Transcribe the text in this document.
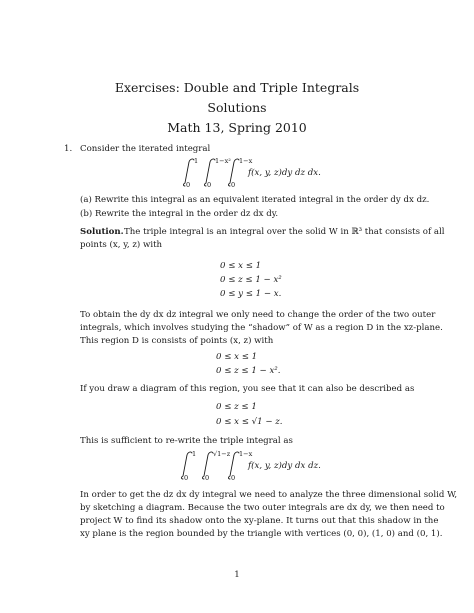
Exercises: Double and Triple Integrals
Solutions
Math 13, Spring 2010
1. Consider the iterated integral
1
0
1−x²
0
1−x
0
f(x, y, z)dy dz dx.
(a) Rewrite this integral as an equivalent iterated integral in the order dy dx dz.
(b) Rewrite the integral in the order dz dx dy.
Solution. The triple integral is an integral over the solid W in ℝ³ that consists of all
points (x, y, z) with
0 ≤ x ≤ 1
0 ≤ z ≤ 1 − x²
0 ≤ y ≤ 1 − x.
To obtain the dy dx dz integral we only need to change the order of the two outer
integrals, which involves studying the “shadow” of W as a region D in the xz-plane.
This region D is consists of points (x, z) with
0 ≤ x ≤ 1
0 ≤ z ≤ 1 − x².
If you draw a diagram of this region, you see that it can also be described as
0 ≤ z ≤ 1
0 ≤ x ≤ √1 − z.
This is sufficient to re-write the triple integral as
1
0
√1−z
0
1−x
0
f(x, y, z)dy dx dz.
In order to get the dz dx dy integral we need to analyze the three dimensional solid W,
by sketching a diagram. Because the two outer integrals are dx dy, we then need to
project W to find its shadow onto the xy-plane. It turns out that this shadow in the
xy plane is the region bounded by the triangle with vertices (0, 0), (1, 0) and (0, 1).
1
